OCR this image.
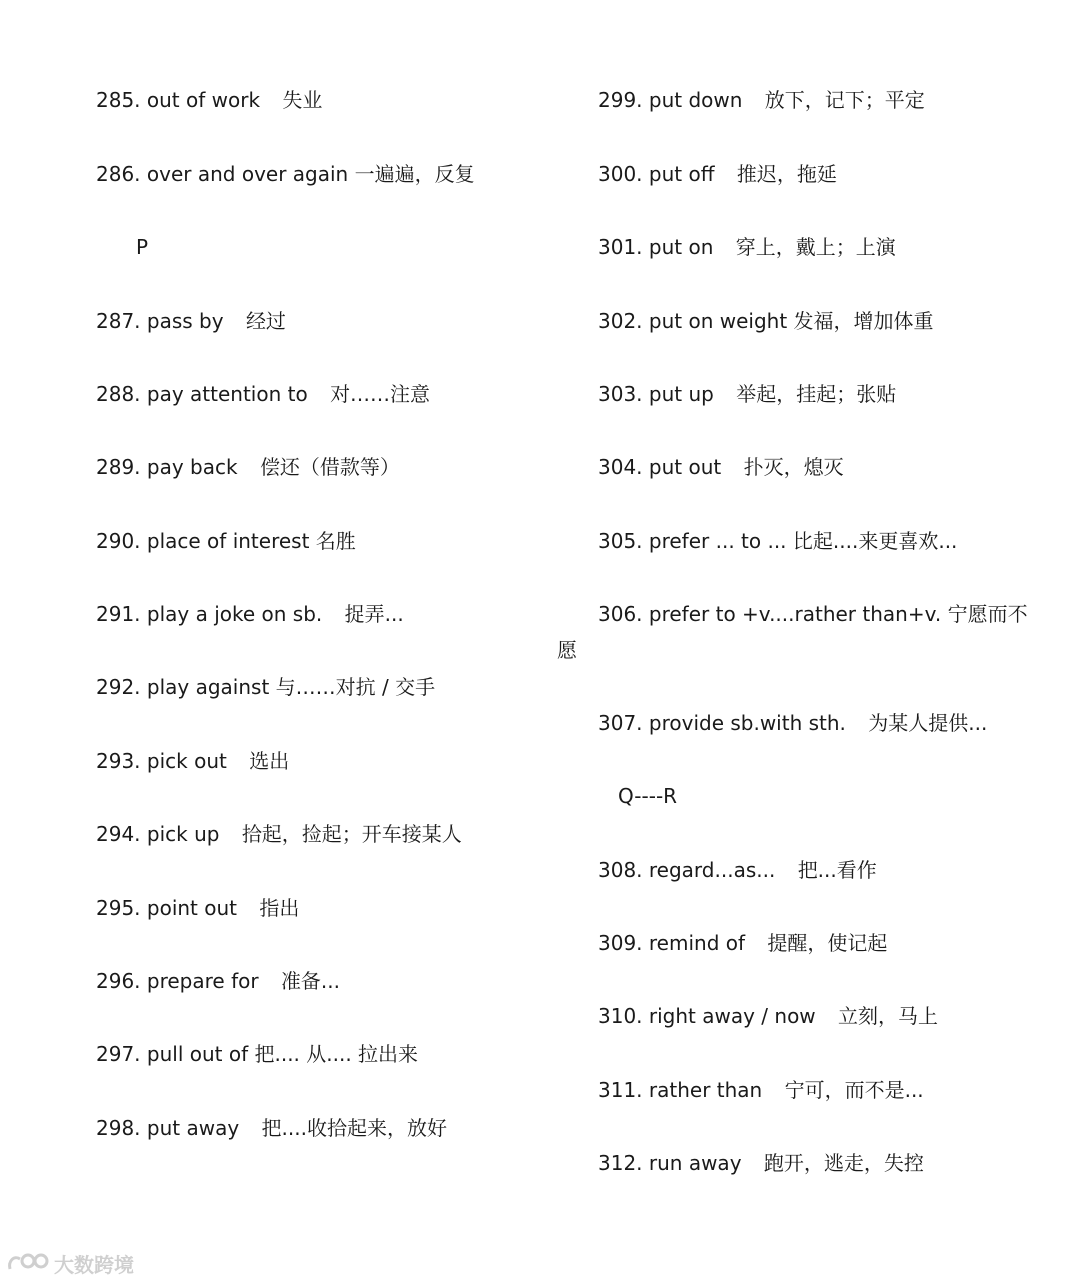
285. out of work 失业
286. over and over again 一遍遍，反复
P
287. pass by 经过
288. pay attention to 对……注意
289. pay back 偿还（借款等）
290. place of interest 名胜
291. play a joke on sb. 捉弄...
292. play against 与……对抗 / 交手
293. pick out 选出
294. pick up 拾起，捡起；开车接某人
295. point out 指出
296. prepare for 准备...
297. pull out of 把.... 从.... 拉出来
298. put away 把....收拾起来，放好
299. put down 放下，记下；平定
300. put off 推迟，拖延
301. put on 穿上，戴上；上演
302. put on weight 发福，增加体重
303. put up 举起，挂起；张贴
304. put out 扑灭，熄灭
305. prefer ... to ... 比起....来更喜欢...
306. prefer to +v....rather than+v. 宁愿而不
307. provide sb.with sth. 为某人提供...
Q----R
308. regard...as... 把...看作
309. remind of 提醒，使记起
310. right away / now 立刻，马上
311. rather than 宁可，而不是...
312. run away 跑开，逃走，失控
愿
大数跨境
